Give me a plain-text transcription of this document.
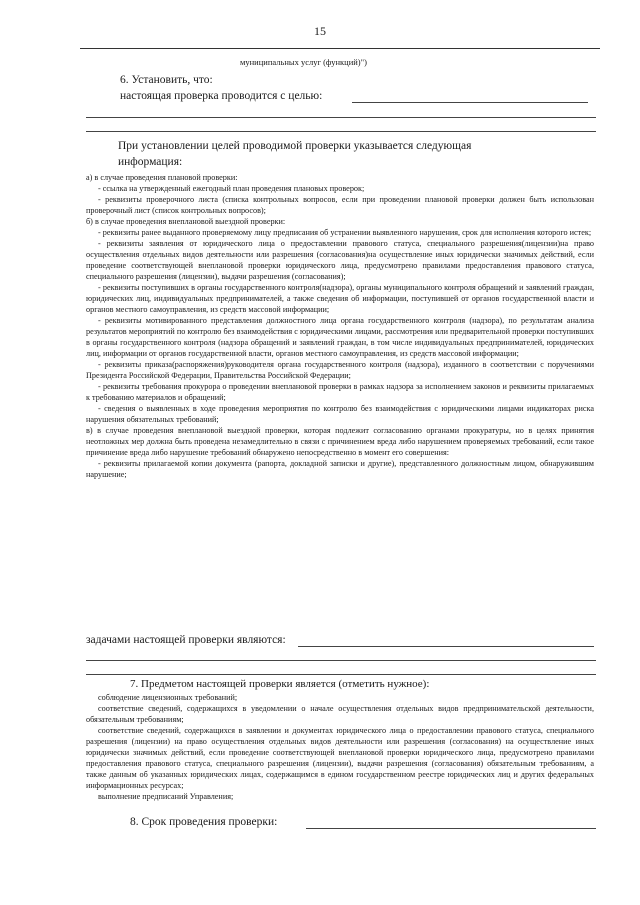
15
муниципальных услуг (функций)")
6. Установить, что:
настоящая проверка проводится с целью:
При установлении целей проводимой проверки указывается следующая
информация:

а) в случае проведения плановой проверки:

- ссылка на утвержденный ежегодный план проведения плановых проверок;

- реквизиты проверочного листа (списка контрольных вопросов, если при проведении плановой проверки должен быть использован проверочный лист (список контрольных вопросов);

б) в случае проведения внеплановой выездной проверки:

- реквизиты ранее выданного проверяемому лицу предписания об устранении выявленного нарушения, срок для исполнения которого истек;

- реквизиты заявления от юридического лица о предоставлении правового статуса, специального разрешения(лицензии)на право осуществления отдельных видов деятельности или разрешения (согласования)на осуществление иных юридически значимых действий, если проведение соответствующей внеплановой проверки юридического лица, предусмотрено правилами предоставления правового статуса, специального разрешения (лицензии), выдачи разрешения (согласования);

- реквизиты поступивших в органы государственного контроля(надзора), органы муниципального контроля обращений и заявлений граждан, юридических лиц, индивидуальных предпринимателей, а также сведения об информации, поступившей от органов государственной власти и органов местного самоуправления, из средств массовой информации;

- реквизиты мотивированного представления должностного лица органа государственного контроля (надзора), по результатам анализа результатов мероприятий по контролю без взаимодействия с юридическими лицами, рассмотрения или предварительной проверки поступивших в органы государственного контроля (надзора обращений и заявлений граждан, в том числе индивидуальных предпринимателей, юридических лиц, информации от органов государственной власти, органов местного самоуправления, из средств массовой информации;

- реквизиты приказа(распоряжения)руководителя органа государственного контроля (надзора), изданного в соответствии с поручениями Президента Российской Федерации, Правительства Российской Федерации;

- реквизиты требования прокурора о проведении внеплановой проверки в рамках надзора за исполнением законов и реквизиты прилагаемых к требованию материалов и обращений;

- сведения о выявленных в ходе проведения мероприятия по контролю без взаимодействия с юридическими лицами индикаторах риска нарушения обязательных требований;

в) в случае проведения внеплановой выездной проверки, которая подлежит согласованию органами прокуратуры, но в целях принятия неотложных мер должна быть проведена незамедлительно в связи с причинением вреда либо нарушением проверяемых требований, если такое причинение вреда либо нарушение требований обнаружено непосредственно в момент его совершения:

- реквизиты прилагаемой копии документа (рапорта, докладной записки и другие), представленного должностным лицом, обнаружившим нарушение;

задачами настоящей проверки являются:
7. Предметом настоящей проверки является (отметить нужное):

соблюдение лицензионных требований;

соответствие сведений, содержащихся в уведомлении о начале осуществления отдельных видов предпринимательской деятельности, обязательным требованиям;

соответствие сведений, содержащихся в заявлении и документах юридического лица о предоставлении правового статуса, специального разрешения (лицензии) на право осуществления отдельных видов деятельности или разрешения (согласования) на осуществление иных юридически значимых действий, если проведение соответствующей внеплановой проверки юридического лица, предусмотрено правилами предоставления правового статуса, специального разрешения (лицензии), выдачи разрешения (согласования) обязательным требованиям, а также данным об указанных юридических лицах, содержащимся в едином государственном реестре юридических лиц и других федеральных информационных ресурсах;

выполнение предписаний Управления;

8. Срок проведения проверки:
